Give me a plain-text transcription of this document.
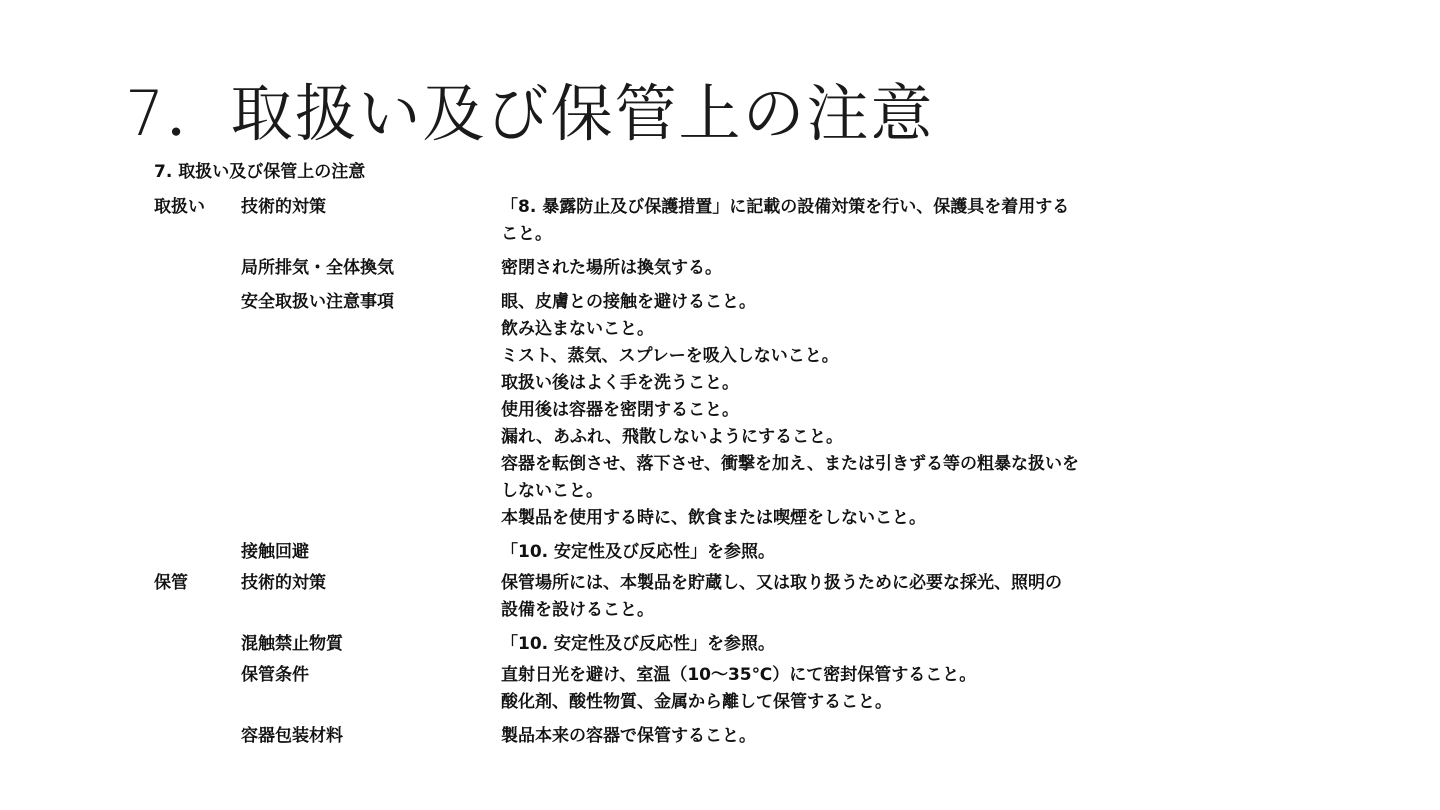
7．取扱い及び保管上の注意
7. 取扱い及び保管上の注意
取扱い	技術的対策	「8. 暴露防止及び保護措置」に記載の設備対策を行い、保護具を着用する
こと。
局所排気・全体換気	密閉された場所は換気する。
安全取扱い注意事項	眼、皮膚との接触を避けること。
飲み込まないこと。
ミスト、蒸気、スプレーを吸入しないこと。
取扱い後はよく手を洗うこと。
使用後は容器を密閉すること。
漏れ、あふれ、飛散しないようにすること。
容器を転倒させ、落下させ、衝撃を加え、または引きずる等の粗暴な扱いを
しないこと。
本製品を使用する時に、飲食または喫煙をしないこと。
接触回避	「10. 安定性及び反応性」を参照。
保管	技術的対策	保管場所には、本製品を貯蔵し、又は取り扱うために必要な採光、照明の
設備を設けること。
混触禁止物質	「10. 安定性及び反応性」を参照。
保管条件	直射日光を避け、室温（10～35℃）にて密封保管すること。
酸化剤、酸性物質、金属から離して保管すること。
容器包装材料	製品本来の容器で保管すること。
